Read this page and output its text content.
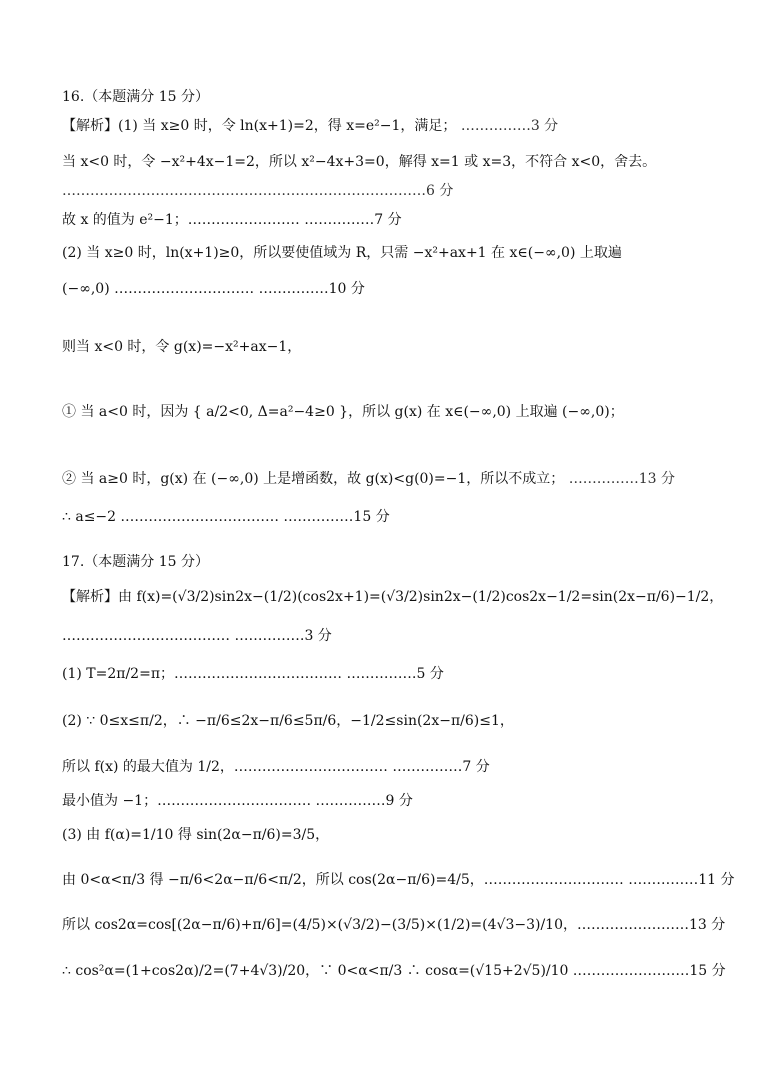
16.（本题满分 15 分）
【解析】(1) 当 x≥0 时，令 ln(x+1)=2，得 x=e²−1，满足； ……………3 分
当 x<0 时，令 −x²+4x−1=2，所以 x²−4x+3=0，解得 x=1 或 x=3，不符合 x<0，舍去。
……………………………………………………………………6 分
故 x 的值为 e²−1；…………………… ……………7 分
(2) 当 x≥0 时，ln(x+1)≥0，所以要使值域为 R，只需 −x²+ax+1 在 x∈(−∞,0) 上取遍
(−∞,0) ………………………… ……………10 分
则当 x<0 时，令 g(x)=−x²+ax−1，
① 当 a<0 时，因为 { a/2<0, Δ=a²−4≥0 }，所以 g(x) 在 x∈(−∞,0) 上取遍 (−∞,0)；
② 当 a≥0 时，g(x) 在 (−∞,0) 上是增函数，故 g(x)<g(0)=−1，所以不成立； ……………13 分
∴ a≤−2 .…………………………… ……………15 分
17.（本题满分 15 分）
【解析】由 f(x)=(√3/2)sin2x−(1/2)(cos2x+1)=(√3/2)sin2x−(1/2)cos2x−1/2=sin(2x−π/6)−1/2，
……………………………… ……………3 分
(1) T=2π/2=π；……………………………… ……………5 分
(2) ∵ 0≤x≤π/2，∴ −π/6≤2x−π/6≤5π/6，−1/2≤sin(2x−π/6)≤1，
所以 f(x) 的最大值为 1/2，…………………………… ……………7 分
最小值为 −1；…………………………… ……………9 分
(3) 由 f(α)=1/10 得 sin(2α−π/6)=3/5，
由 0<α<π/3 得 −π/6<2α−π/6<π/2，所以 cos(2α−π/6)=4/5，………………………… ……………11 分
所以 cos2α=cos[(2α−π/6)+π/6]=(4/5)×(√3/2)−(3/5)×(1/2)=(4√3−3)/10，……………………13 分
∴ cos²α=(1+cos2α)/2=(7+4√3)/20，∵ 0<α<π/3 ∴ cosα=(√15+2√5)/10 .……………………15 分
